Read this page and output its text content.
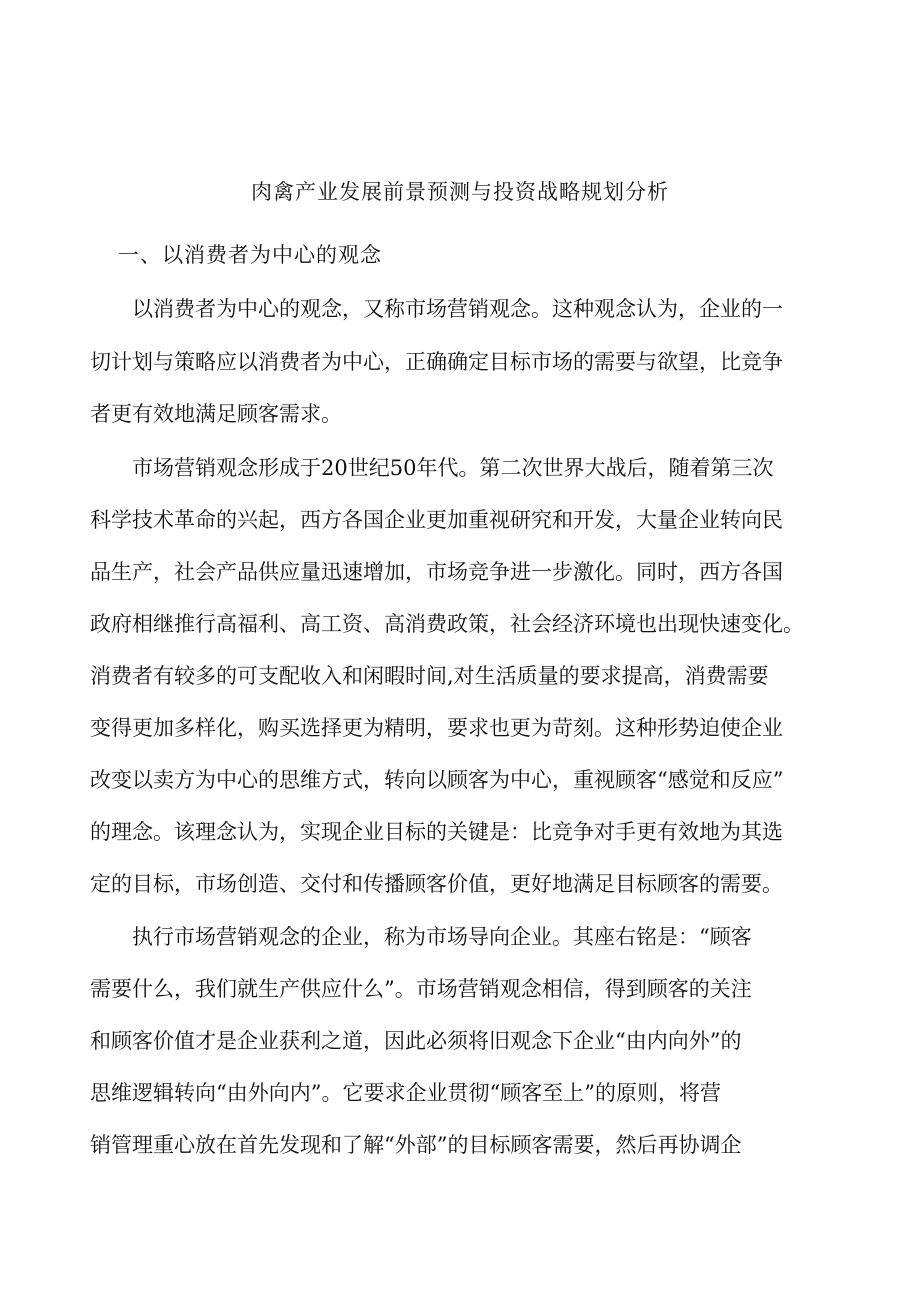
肉禽产业发展前景预测与投资战略规划分析
一、以消费者为中心的观念
以消费者为中心的观念，又称市场营销观念。这种观念认为，企业的一
切计划与策略应以消费者为中心，正确确定目标市场的需要与欲望，比竞争
者更有效地满足顾客需求。
市场营销观念形成于20世纪50年代。第二次世界大战后，随着第三次
科学技术革命的兴起，西方各国企业更加重视研究和开发，大量企业转向民
品生产，社会产品供应量迅速增加，市场竞争进一步激化。同时，西方各国
政府相继推行高福利、高工资、高消费政策，社会经济环境也出现快速变化。
消费者有较多的可支配收入和闲暇时间,对生活质量的要求提高，消费需要
变得更加多样化，购买选择更为精明，要求也更为苛刻。这种形势迫使企业
改变以卖方为中心的思维方式，转向以顾客为中心，重视顾客“感觉和反应”
的理念。该理念认为，实现企业目标的关键是：比竞争对手更有效地为其选
定的目标，市场创造、交付和传播顾客价值，更好地满足目标顾客的需要。
执行市场营销观念的企业，称为市场导向企业。其座右铭是：“顾客
需要什么，我们就生产供应什么”。市场营销观念相信，得到顾客的关注
和顾客价值才是企业获利之道，因此必须将旧观念下企业“由内向外”的
思维逻辑转向“由外向内”。它要求企业贯彻“顾客至上”的原则，将营
销管理重心放在首先发现和了解“外部”的目标顾客需要，然后再协调企
